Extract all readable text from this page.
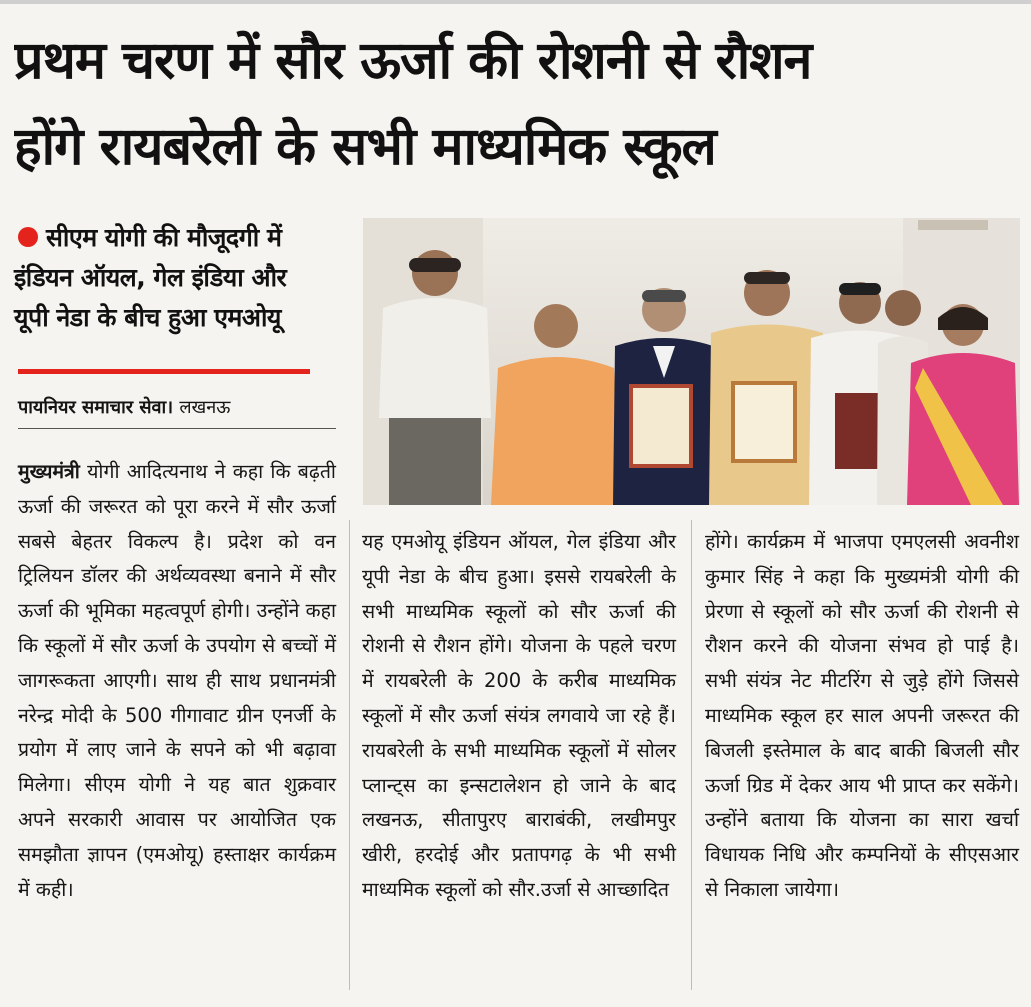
प्रथम चरण में सौर ऊर्जा की रोशनी से रौशन
होंगे रायबरेली के सभी माध्यमिक स्कूल
सीएम योगी की मौजूदगी में
इंडियन ऑयल, गेल इंडिया और
यूपी नेडा के बीच हुआ एमओयू
पायनियर समाचार सेवा। लखनऊ

मुख्यमंत्री योगी आदित्यनाथ ने कहा कि बढ़ती ऊर्जा की जरूरत को पूरा करने में सौर ऊर्जा सबसे बेहतर विकल्प है। प्रदेश को वन ट्रिलियन डॉलर की अर्थव्यवस्था बनाने में सौर ऊर्जा की भूमिका महत्वपूर्ण होगी। उन्होंने कहा कि स्कूलों में सौर ऊर्जा के उपयोग से बच्चों में जागरूकता आएगी। साथ ही साथ प्रधानमंत्री नरेन्द्र मोदी के 500 गीगावाट ग्रीन एनर्जी के प्रयोग में लाए जाने के सपने को भी बढ़ावा मिलेगा। सीएम योगी ने यह बात शुक्रवार अपने सरकारी आवास पर आयोजित एक समझौता ज्ञापन (एमओयू) हस्ताक्षर कार्यक्रम में कही।

यह एमओयू इंडियन ऑयल, गेल इंडिया और यूपी नेडा के बीच हुआ। इससे रायबरेली के सभी माध्यमिक स्कूलों को सौर ऊर्जा की रोशनी से रौशन होंगे। योजना के पहले चरण में रायबरेली के 200 के करीब माध्यमिक स्कूलों में सौर ऊर्जा संयंत्र लगवाये जा रहे हैं। रायबरेली के सभी माध्यमिक स्कूलों में सोलर प्लान्ट्स का इन्सटालेशन हो जाने के बाद लखनऊ, सीतापुरए बाराबंकी, लखीमपुर खीरी, हरदोई और प्रतापगढ़ के भी सभी माध्यमिक स्कूलों को सौर.उर्जा से आच्छादित

होंगे। कार्यक्रम में भाजपा एमएलसी अवनीश कुमार सिंह ने कहा कि मुख्यमंत्री योगी की प्रेरणा से स्कूलों को सौर ऊर्जा की रोशनी से रौशन करने की योजना संभव हो पाई है। सभी संयंत्र नेट मीटरिंग से जुड़े होंगे जिससे माध्यमिक स्कूल हर साल अपनी जरूरत की बिजली इस्तेमाल के बाद बाकी बिजली सौर ऊर्जा ग्रिड में देकर आय भी प्राप्त कर सकेंगे। उन्होंने बताया कि योजना का सारा खर्चा विधायक निधि और कम्पनियों के सीएसआर से निकाला जायेगा।
